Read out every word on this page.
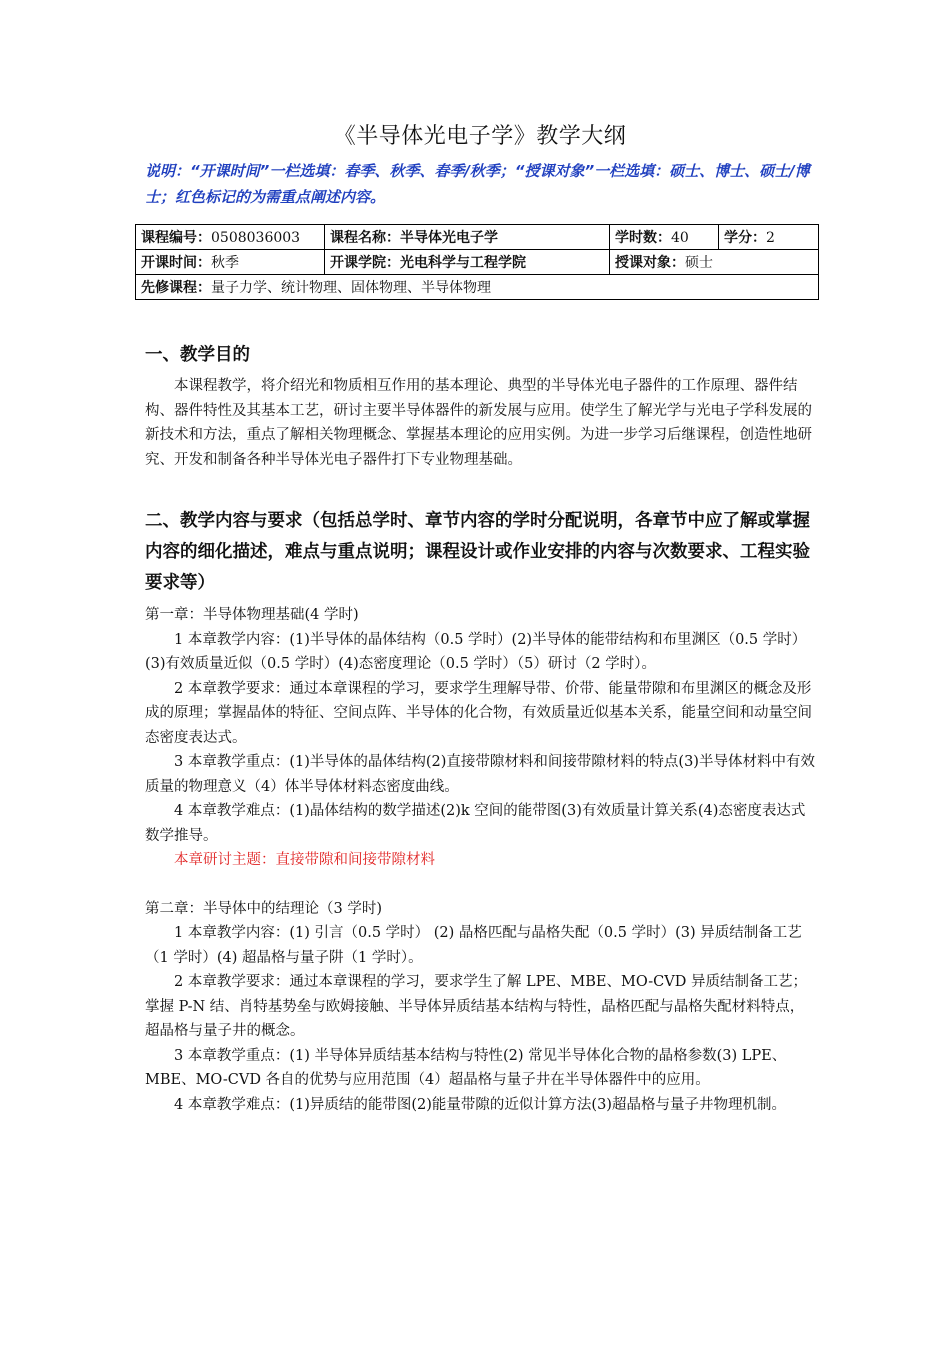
《半导体光电子学》教学大纲

说明：“开课时间”一栏选填：春季、秋季、春季/秋季；“授课对象”一栏选填：硕士、博士、硕士/博士；红色标记的为需重点阐述内容。

课程编号：0508036003	课程名称：半导体光电子学	学时数：40	学分：2
开课时间：秋季	开课学院：光电科学与工程学院	授课对象：硕士	
先修课程：量子力学、统计物理、固体物理、半导体物理			
一、教学目的

本课程教学，将介绍光和物质相互作用的基本理论、典型的半导体光电子器件的工作原理、器件结构、器件特性及其基本工艺，研讨主要半导体器件的新发展与应用。使学生了解光学与光电子学科发展的新技术和方法，重点了解相关物理概念、掌握基本理论的应用实例。为进一步学习后继课程，创造性地研究、开发和制备各种半导体光电子器件打下专业物理基础。

二、教学内容与要求（包括总学时、章节内容的学时分配说明，各章节中应了解或掌握内容的细化描述，难点与重点说明；课程设计或作业安排的内容与次数要求、工程实验要求等）

第一章：半导体物理基础(4 学时)

1 本章教学内容：(1)半导体的晶体结构（0.5 学时）(2)半导体的能带结构和布里渊区（0.5 学时）(3)有效质量近似（0.5 学时）(4)态密度理论（0.5 学时）（5）研讨（2 学时）。

2 本章教学要求：通过本章课程的学习，要求学生理解导带、价带、能量带隙和布里渊区的概念及形成的原理；掌握晶体的特征、空间点阵、半导体的化合物，有效质量近似基本关系，能量空间和动量空间态密度表达式。

3 本章教学重点：(1)半导体的晶体结构(2)直接带隙材料和间接带隙材料的特点(3)半导体材料中有效质量的物理意义（4）体半导体材料态密度曲线。

4 本章教学难点：(1)晶体结构的数学描述(2)k 空间的能带图(3)有效质量计算关系(4)态密度表达式数学推导。

本章研讨主题：直接带隙和间接带隙材料

第二章：半导体中的结理论（3 学时)

1 本章教学内容：(1) 引言（0.5 学时） (2) 晶格匹配与晶格失配（0.5 学时）(3) 异质结制备工艺（1 学时）(4) 超晶格与量子阱（1 学时）。

2 本章教学要求：通过本章课程的学习，要求学生了解 LPE、MBE、MO-CVD 异质结制备工艺；掌握 P-N 结、肖特基势垒与欧姆接触、半导体异质结基本结构与特性，晶格匹配与晶格失配材料特点，超晶格与量子井的概念。

3 本章教学重点：(1) 半导体异质结基本结构与特性(2) 常见半导体化合物的晶格参数(3) LPE、MBE、MO-CVD 各自的优势与应用范围（4）超晶格与量子井在半导体器件中的应用。

4 本章教学难点：(1)异质结的能带图(2)能量带隙的近似计算方法(3)超晶格与量子井物理机制。
